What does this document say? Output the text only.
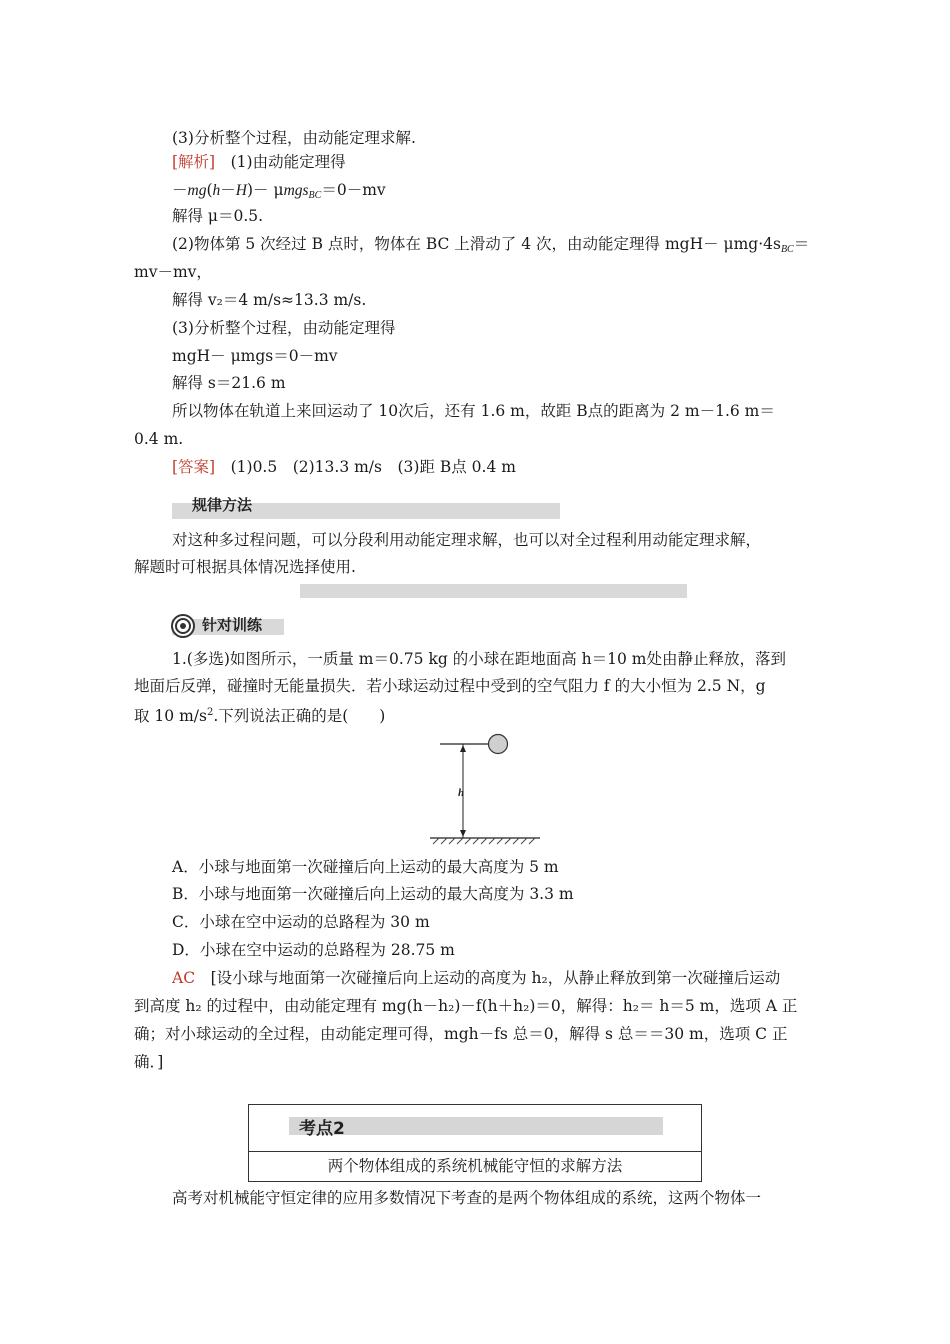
(3)分析整个过程，由动能定理求解.
[解析]　(1)由动能定理得
－mg(h－H)－ μmgs$_{BC}$＝0－mv
解得 μ＝0.5.
(2)物体第 5 次经过 B 点时，物体在 BC 上滑动了 4 次，由动能定理得 $mgH- \mu mg\cdot 4s_{BC}=$
mv－mv，
解得 v₂＝4 m/s≈13.3 m/s.
(3)分析整个过程，由动能定理得
mgH－ μmgs＝0－mv
解得 s＝21.6 m
所以物体在轨道上来回运动了 10次后，还有 1.6 m，故距 B点的距离为 2 m－1.6 m＝
0.4 m.
[答案]　(1)0.5　(2)13.3 m/s　(3)距 B点 0.4 m
规律方法
对这种多过程问题，可以分段利用动能定理求解，也可以对全过程利用动能定理求解，
解题时可根据具体情况选择使用.
针对训练
1.(多选)如图所示，一质量 m＝0.75 kg 的小球在距地面高 h＝10 m处由静止释放，落到
地面后反弹，碰撞时无能量损失．若小球运动过程中受到的空气阻力 f 的大小恒为 2.5 N，g
取 10 $m/s^2$.下列说法正确的是(　　)
h
A．小球与地面第一次碰撞后向上运动的最大高度为 5 m
B．小球与地面第一次碰撞后向上运动的最大高度为 3.3 m
C．小球在空中运动的总路程为 30 m
D．小球在空中运动的总路程为 28.75 m
AC　[设小球与地面第一次碰撞后向上运动的高度为 h₂，从静止释放到第一次碰撞后运动
到高度 h₂ 的过程中，由动能定理有 mg(h－h₂)－f(h＋h₂)＝0，解得：h₂＝ h＝5 m，选项 A 正
确；对小球运动的全过程，由动能定理可得，mgh－fs 总＝0，解得 s 总＝＝30 m，选项 C 正
确．]
考点2
两个物体组成的系统机械能守恒的求解方法
高考对机械能守恒定律的应用多数情况下考查的是两个物体组成的系统，这两个物体一
